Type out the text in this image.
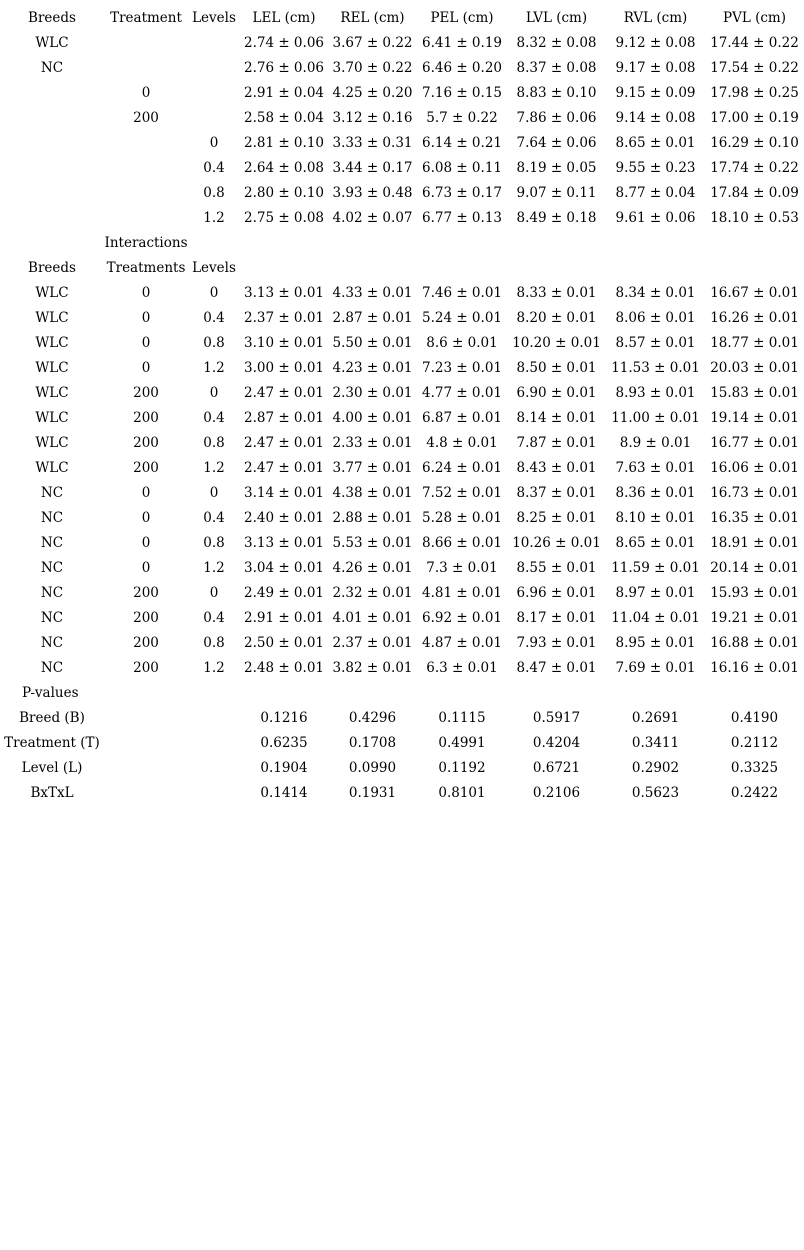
Breeds	Treatment	Levels	LEL (cm)	REL (cm)	PEL (cm)	LVL (cm)	RVL (cm)	PVL (cm)
WLC			2.74 ± 0.06	3.67 ± 0.22	6.41 ± 0.19	8.32 ± 0.08	9.12 ± 0.08	17.44 ± 0.22
NC			2.76 ± 0.06	3.70 ± 0.22	6.46 ± 0.20	8.37 ± 0.08	9.17 ± 0.08	17.54 ± 0.22
	0		2.91 ± 0.04	4.25 ± 0.20	7.16 ± 0.15	8.83 ± 0.10	9.15 ± 0.09	17.98 ± 0.25
	200		2.58 ± 0.04	3.12 ± 0.16	5.7 ± 0.22	7.86 ± 0.06	9.14 ± 0.08	17.00 ± 0.19
		0	2.81 ± 0.10	3.33 ± 0.31	6.14 ± 0.21	7.64 ± 0.06	8.65 ± 0.01	16.29 ± 0.10
		0.4	2.64 ± 0.08	3.44 ± 0.17	6.08 ± 0.11	8.19 ± 0.05	9.55 ± 0.23	17.74 ± 0.22
		0.8	2.80 ± 0.10	3.93 ± 0.48	6.73 ± 0.17	9.07 ± 0.11	8.77 ± 0.04	17.84 ± 0.09
		1.2	2.75 ± 0.08	4.02 ± 0.07	6.77 ± 0.13	8.49 ± 0.18	9.61 ± 0.06	18.10 ± 0.53
	Interactions							
Breeds	Treatments	Levels						
WLC	0	0	3.13 ± 0.01	4.33 ± 0.01	7.46 ± 0.01	8.33 ± 0.01	8.34 ± 0.01	16.67 ± 0.01
WLC	0	0.4	2.37 ± 0.01	2.87 ± 0.01	5.24 ± 0.01	8.20 ± 0.01	8.06 ± 0.01	16.26 ± 0.01
WLC	0	0.8	3.10 ± 0.01	5.50 ± 0.01	8.6 ± 0.01	10.20 ± 0.01	8.57 ± 0.01	18.77 ± 0.01
WLC	0	1.2	3.00 ± 0.01	4.23 ± 0.01	7.23 ± 0.01	8.50 ± 0.01	11.53 ± 0.01	20.03 ± 0.01
WLC	200	0	2.47 ± 0.01	2.30 ± 0.01	4.77 ± 0.01	6.90 ± 0.01	8.93 ± 0.01	15.83 ± 0.01
WLC	200	0.4	2.87 ± 0.01	4.00 ± 0.01	6.87 ± 0.01	8.14 ± 0.01	11.00 ± 0.01	19.14 ± 0.01
WLC	200	0.8	2.47 ± 0.01	2.33 ± 0.01	4.8 ± 0.01	7.87 ± 0.01	8.9 ± 0.01	16.77 ± 0.01
WLC	200	1.2	2.47 ± 0.01	3.77 ± 0.01	6.24 ± 0.01	8.43 ± 0.01	7.63 ± 0.01	16.06 ± 0.01
NC	0	0	3.14 ± 0.01	4.38 ± 0.01	7.52 ± 0.01	8.37 ± 0.01	8.36 ± 0.01	16.73 ± 0.01
NC	0	0.4	2.40 ± 0.01	2.88 ± 0.01	5.28 ± 0.01	8.25 ± 0.01	8.10 ± 0.01	16.35 ± 0.01
NC	0	0.8	3.13 ± 0.01	5.53 ± 0.01	8.66 ± 0.01	10.26 ± 0.01	8.65 ± 0.01	18.91 ± 0.01
NC	0	1.2	3.04 ± 0.01	4.26 ± 0.01	7.3 ± 0.01	8.55 ± 0.01	11.59 ± 0.01	20.14 ± 0.01
NC	200	0	2.49 ± 0.01	2.32 ± 0.01	4.81 ± 0.01	6.96 ± 0.01	8.97 ± 0.01	15.93 ± 0.01
NC	200	0.4	2.91 ± 0.01	4.01 ± 0.01	6.92 ± 0.01	8.17 ± 0.01	11.04 ± 0.01	19.21 ± 0.01
NC	200	0.8	2.50 ± 0.01	2.37 ± 0.01	4.87 ± 0.01	7.93 ± 0.01	8.95 ± 0.01	16.88 ± 0.01
NC	200	1.2	2.48 ± 0.01	3.82 ± 0.01	6.3 ± 0.01	8.47 ± 0.01	7.69 ± 0.01	16.16 ± 0.01
P-values								
Breed (B)			0.1216	0.4296	0.1115	0.5917	0.2691	0.4190
Treatment (T)			0.6235	0.1708	0.4991	0.4204	0.3411	0.2112
Level (L)			0.1904	0.0990	0.1192	0.6721	0.2902	0.3325
BxTxL			0.1414	0.1931	0.8101	0.2106	0.5623	0.2422
